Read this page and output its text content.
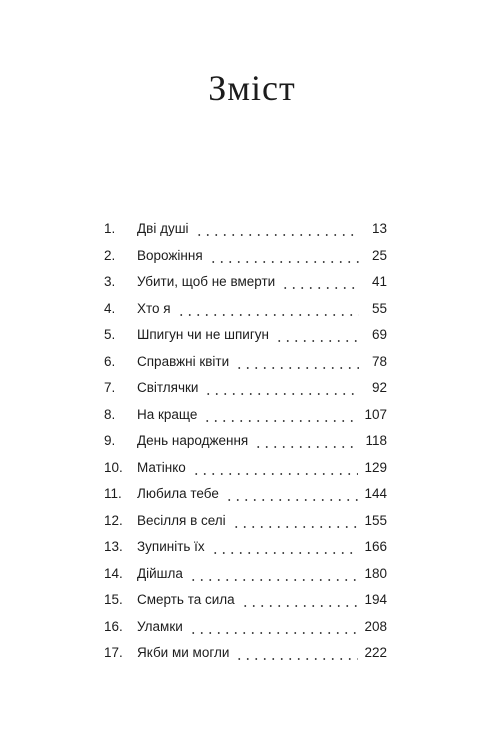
Зміст
1.	Дві душі	13
2.	Ворожіння	25
3.	Убити, щоб не вмерти	41
4.	Хто я	55
5.	Шпигун чи не шпигун	69
6.	Справжні квіти	78
7.	Світлячки	92
8.	На краще	107
9.	День народження	118
10.	Матінко	129
11.	Любила тебе	144
12.	Весілля в селі	155
13.	Зупиніть їх	166
14.	Дійшла	180
15.	Смерть та сила	194
16.	Уламки	208
17.	Якби ми могли	222
